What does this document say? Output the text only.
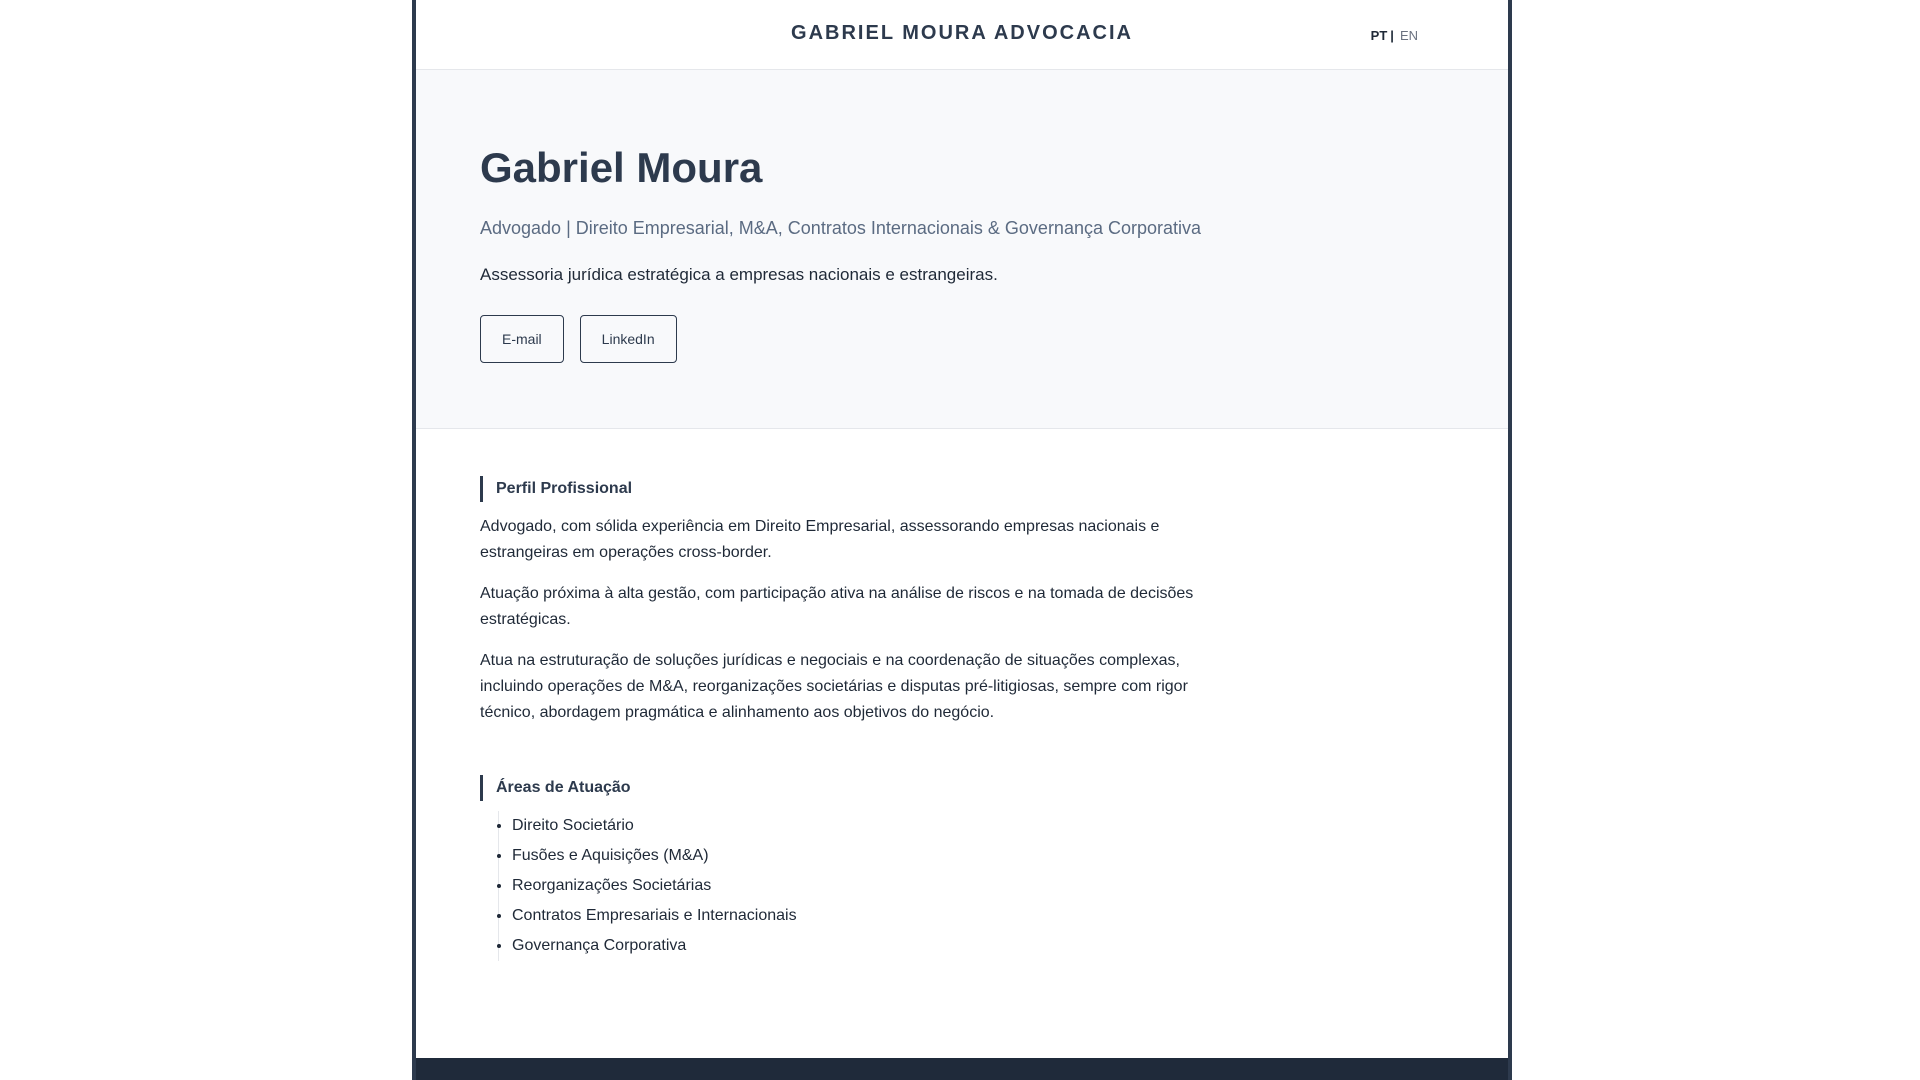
GABRIEL MOURA ADVOCACIA	PT | EN
Gabriel Moura

Advogado | Direito Empresarial, M&A, Contratos Internacionais & Governança Corporativa

Assessoria jurídica estratégica a empresas nacionais e estrangeiras.

E-mail	LinkedIn
Perfil Profissional

Advogado, com sólida experiência em Direito Empresarial, assessorando empresas nacionais e estrangeiras em operações cross-border.

Atuação próxima à alta gestão, com participação ativa na análise de riscos e na tomada de decisões estratégicas.

Atua na estruturação de soluções jurídicas e negociais e na coordenação de situações complexas, incluindo operações de M&A, reorganizações societárias e disputas pré-litigiosas, sempre com rigor técnico, abordagem pragmática e alinhamento aos objetivos do negócio.

Áreas de Atuação
• Direito Societário
• Fusões e Aquisições (M&A)
• Reorganizações Societárias
• Contratos Empresariais e Internacionais
• Governança Corporativa
